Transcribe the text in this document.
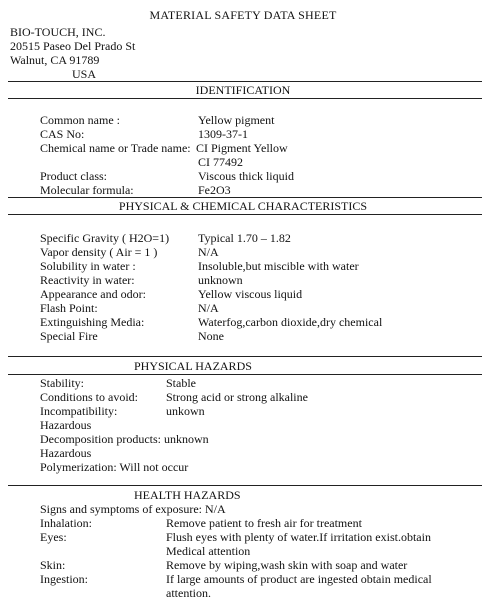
MATERIAL SAFETY DATA SHEET
BIO-TOUCH, INC.
20515 Paseo Del Prado St
Walnut, CA 91789
USA
IDENTIFICATION
Common name :	Yellow pigment
CAS No:	1309-37-1
Chemical name or Trade name: CI Pigment Yellow
CI 77492
Product class:	Viscous thick liquid
Molecular formula:	Fe2O3
PHYSICAL & CHEMICAL CHARACTERISTICS
Specific Gravity ( H2O=1) Typical 1.70 – 1.82
Vapor density ( Air = 1 )	N/A
Solubility in water :	Insoluble,but miscible with water
Reactivity in water:	unknown
Appearance and odor:	Yellow viscous liquid
Flash Point:	N/A
Extinguishing Media:	Waterfog,carbon dioxide,dry chemical
Special Fire	None
PHYSICAL HAZARDS
Stability:	Stable
Conditions to avoid: Strong acid or strong alkaline
Incompatibility:	unkown
Hazardous
Decomposition products: unknown
Hazardous
Polymerization: Will not occur
HEALTH HAZARDS
Signs and symptoms of exposure: N/A
Inhalation:	Remove patient to fresh air for treatment
Eyes:	Flush eyes with plenty of water.If irritation exist.obtain
Medical attention
Skin:	Remove by wiping,wash skin with soap and water
Ingestion:	If large amounts of product are ingested obtain medical
attention.
